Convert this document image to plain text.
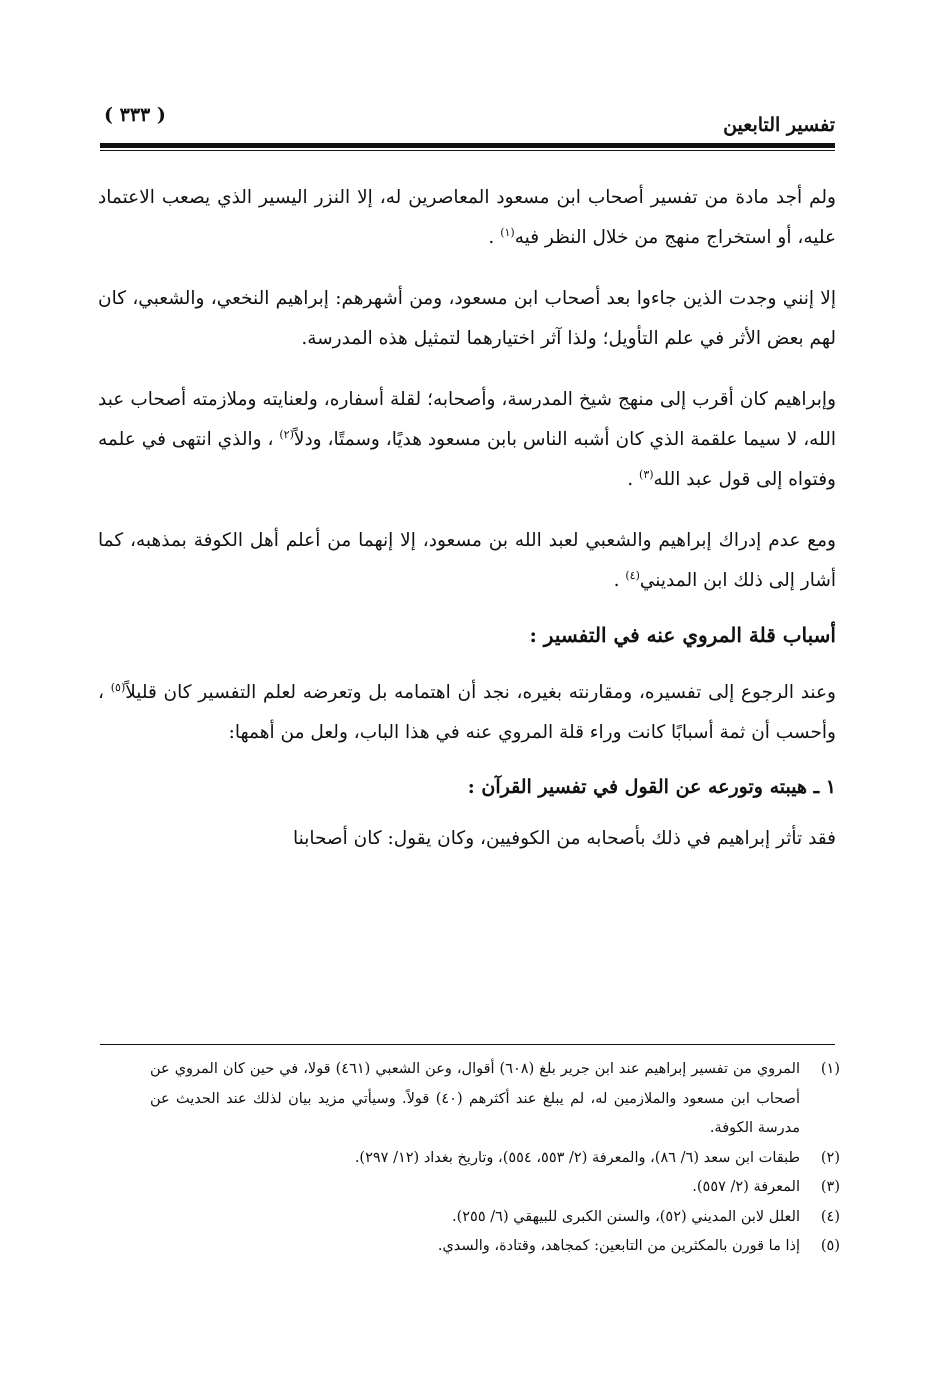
تفسير التابعين
( ٣٣٣ )

ولم أجد مادة من تفسير أصحاب ابن مسعود المعاصرين له، إلا النزر اليسير الذي يصعب الاعتماد عليه، أو استخراج منهج من خلال النظر فيه$^{(١)}$ .

إلا إنني وجدت الذين جاءوا بعد أصحاب ابن مسعود، ومن أشهرهم: إبراهيم النخعي، والشعبي، كان لهم بعض الأثر في علم التأويل؛ ولذا آثر اختيارهما لتمثيل هذه المدرسة.

وإبراهيم كان أقرب إلى منهج شيخ المدرسة، وأصحابه؛ لقلة أسفاره، ولعنايته وملازمته أصحاب عبد الله، لا سيما علقمة الذي كان أشبه الناس بابن مسعود هديًا، وسمتًا، ودلاً$^{(٢)}$ ، والذي انتهى في علمه وفتواه إلى قول عبد الله$^{(٣)}$ .

ومع عدم إدراك إبراهيم والشعبي لعبد الله بن مسعود، إلا إنهما من أعلم أهل الكوفة بمذهبه، كما أشار إلى ذلك ابن المديني$^{(٤)}$ .

أسباب قلة المروي عنه في التفسير :

وعند الرجوع إلى تفسيره، ومقارنته بغيره، نجد أن اهتمامه بل وتعرضه لعلم التفسير كان قليلاً$^{(٥)}$ ، وأحسب أن ثمة أسبابًا كانت وراء قلة المروي عنه في هذا الباب، ولعل من أهمها:

١ ـ هيبته وتورعه عن القول في تفسير القرآن :

فقد تأثر إبراهيم في ذلك بأصحابه من الكوفيين، وكان يقول: كان أصحابنا

(١)
المروي من تفسير إبراهيم عند ابن جرير بلغ (٦٠٨) أقوال، وعن الشعبي (٤٦١) قولا، في حين كان المروي عن أصحاب ابن مسعود والملازمين له، لم يبلغ عند أكثرهم (٤٠) قولاً. وسيأتي مزيد بيان لذلك عند الحديث عن مدرسة الكوفة.
(٢)
طبقات ابن سعد (٦/ ٨٦)، والمعرفة (٢/ ٥٥٣، ٥٥٤)، وتاريخ بغداد (١٢/ ٢٩٧).
(٣)
المعرفة (٢/ ٥٥٧).
(٤)
العلل لابن المديني (٥٢)، والسنن الكبرى للبيهقي (٦/ ٢٥٥).
(٥)
إذا ما قورن بالمكثرين من التابعين: كمجاهد، وقتادة، والسدي.
